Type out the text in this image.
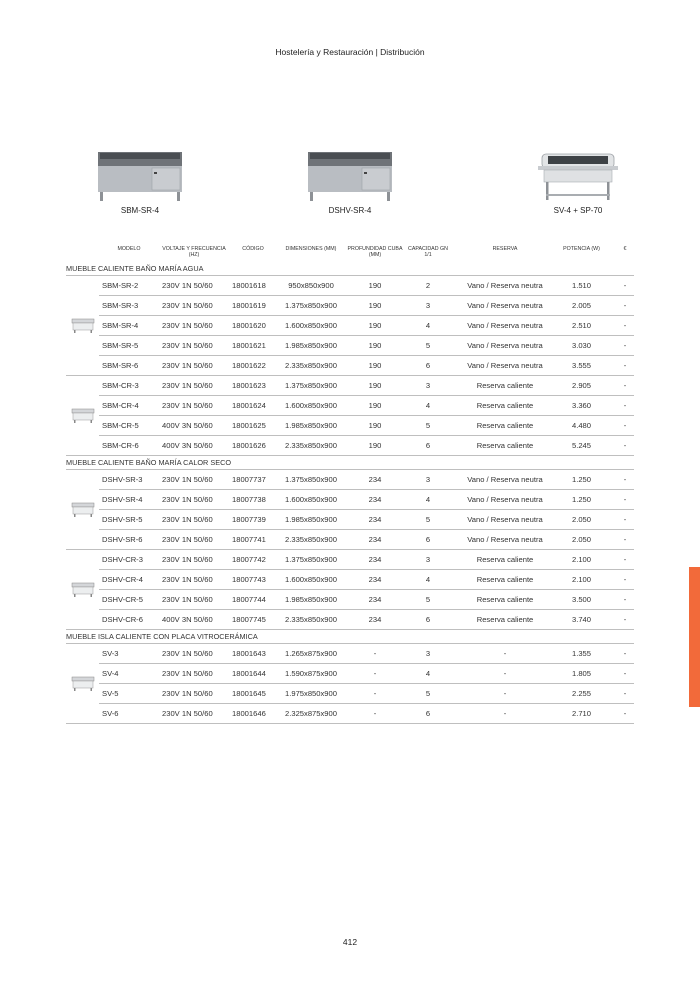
Hostelería y Restauración | Distribución
SBM-SR-4	DSHV-SR-4	SV-4 + SP-70
	MODELO	VOLTAJE Y FRECUENCIA (HZ)	CÓDIGO	DIMENSIONES (MM)	PROFUNDIDAD CUBA (MM)	CAPACIDAD GN 1/1	RESERVA	POTENCIA (W)	€
MUEBLE CALIENTE BAÑO MARÍA AGUA									
	SBM-SR-2	230V 1N 50/60	18001618	950x850x900	190	2	Vano / Reserva neutra	1.510	-
	SBM-SR-3	230V 1N 50/60	18001619	1.375x850x900	190	3	Vano / Reserva neutra	2.005	-
	SBM-SR-4	230V 1N 50/60	18001620	1.600x850x900	190	4	Vano / Reserva neutra	2.510	-
	SBM-SR-5	230V 1N 50/60	18001621	1.985x850x900	190	5	Vano / Reserva neutra	3.030	-
	SBM-SR-6	230V 1N 50/60	18001622	2.335x850x900	190	6	Vano / Reserva neutra	3.555	-
	SBM-CR-3	230V 1N 50/60	18001623	1.375x850x900	190	3	Reserva caliente	2.905	-
	SBM-CR-4	230V 1N 50/60	18001624	1.600x850x900	190	4	Reserva caliente	3.360	-
	SBM-CR-5	400V 3N 50/60	18001625	1.985x850x900	190	5	Reserva caliente	4.480	-
	SBM-CR-6	400V 3N 50/60	18001626	2.335x850x900	190	6	Reserva caliente	5.245	-
MUEBLE CALIENTE BAÑO MARÍA CALOR SECO									
	DSHV-SR-3	230V 1N 50/60	18007737	1.375x850x900	234	3	Vano / Reserva neutra	1.250	-
	DSHV-SR-4	230V 1N 50/60	18007738	1.600x850x900	234	4	Vano / Reserva neutra	1.250	-
	DSHV-SR-5	230V 1N 50/60	18007739	1.985x850x900	234	5	Vano / Reserva neutra	2.050	-
	DSHV-SR-6	230V 1N 50/60	18007741	2.335x850x900	234	6	Vano / Reserva neutra	2.050	-
	DSHV-CR-3	230V 1N 50/60	18007742	1.375x850x900	234	3	Reserva caliente	2.100	-
	DSHV-CR-4	230V 1N 50/60	18007743	1.600x850x900	234	4	Reserva caliente	2.100	-
	DSHV-CR-5	230V 1N 50/60	18007744	1.985x850x900	234	5	Reserva caliente	3.500	-
	DSHV-CR-6	400V 3N 50/60	18007745	2.335x850x900	234	6	Reserva caliente	3.740	-
MUEBLE ISLA CALIENTE CON PLACA VITROCERÁMICA									
	SV-3	230V 1N 50/60	18001643	1.265x875x900	-	3	-	1.355	-
	SV-4	230V 1N 50/60	18001644	1.590x875x900	-	4	-	1.805	-
	SV-5	230V 1N 50/60	18001645	1.975x850x900	-	5	-	2.255	-
	SV-6	230V 1N 50/60	18001646	2.325x875x900	-	6	-	2.710	-
412
